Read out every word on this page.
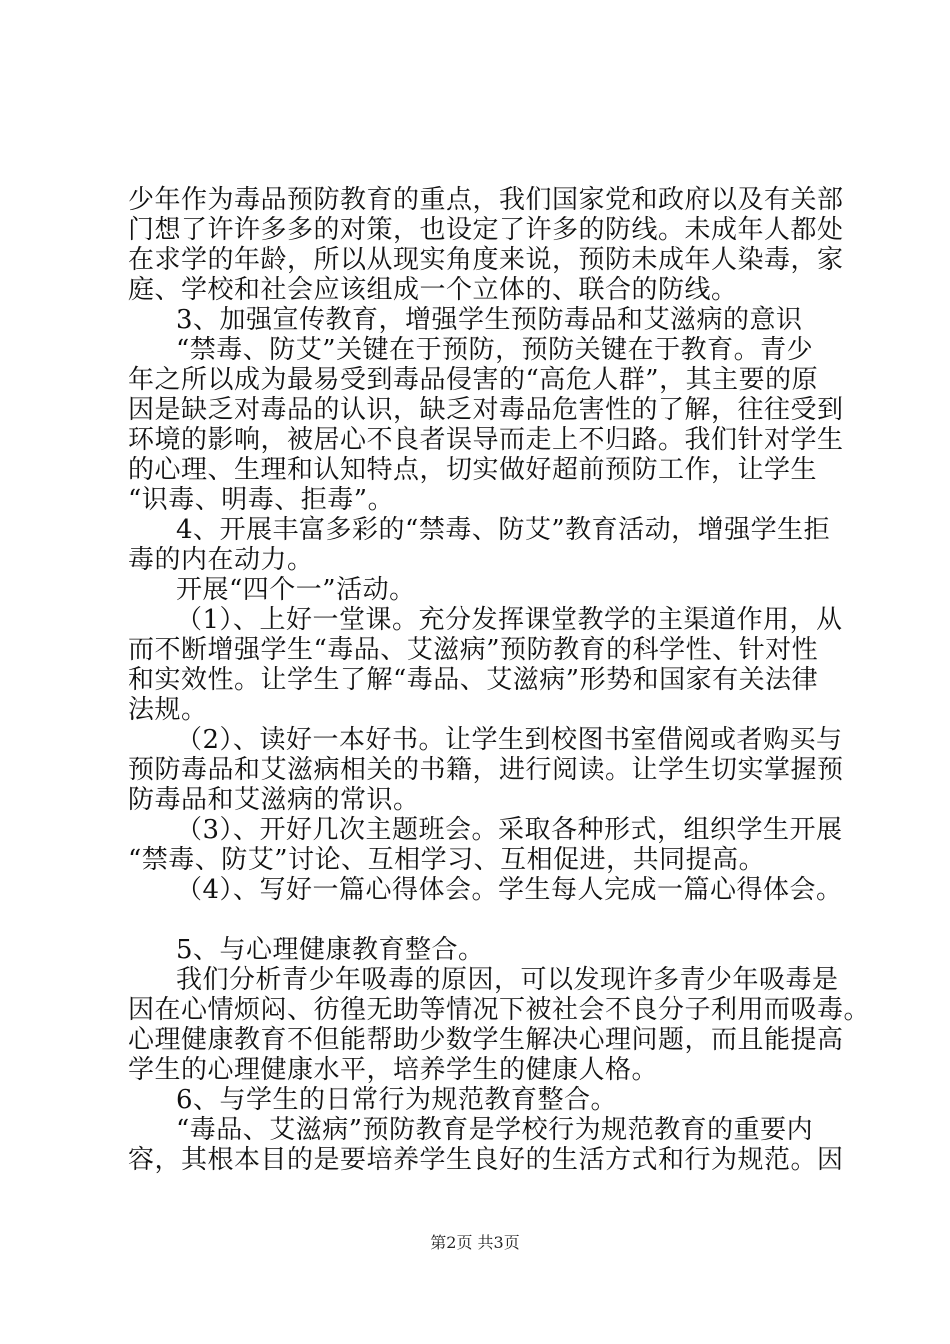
少年作为毒品预防教育的重点，我们国家党和政府以及有关部
门想了许许多多的对策，也设定了许多的防线。未成年人都处
在求学的年龄，所以从现实角度来说，预防未成年人染毒，家
庭、学校和社会应该组成一个立体的、联合的防线。
3、加强宣传教育，增强学生预防毒品和艾滋病的意识
“禁毒、防艾”关键在于预防，预防关键在于教育。青少
年之所以成为最易受到毒品侵害的“高危人群”，其主要的原
因是缺乏对毒品的认识，缺乏对毒品危害性的了解，往往受到
环境的影响，被居心不良者误导而走上不归路。我们针对学生
的心理、生理和认知特点，切实做好超前预防工作，让学生
“识毒、明毒、拒毒”。
4、开展丰富多彩的“禁毒、防艾”教育活动，增强学生拒
毒的内在动力。
开展“四个一”活动。
（1）、上好一堂课。充分发挥课堂教学的主渠道作用，从
而不断增强学生“毒品、艾滋病”预防教育的科学性、针对性
和实效性。让学生了解“毒品、艾滋病”形势和国家有关法律
法规。
（2）、读好一本好书。让学生到校图书室借阅或者购买与
预防毒品和艾滋病相关的书籍，进行阅读。让学生切实掌握预
防毒品和艾滋病的常识。
（3）、开好几次主题班会。采取各种形式，组织学生开展
“禁毒、防艾”讨论、互相学习、互相促进，共同提高。
（4）、写好一篇心得体会。学生每人完成一篇心得体会。
5、与心理健康教育整合。
我们分析青少年吸毒的原因，可以发现许多青少年吸毒是
因在心情烦闷、彷徨无助等情况下被社会不良分子利用而吸毒。
心理健康教育不但能帮助少数学生解决心理问题，而且能提高
学生的心理健康水平，培养学生的健康人格。
6、与学生的日常行为规范教育整合。
“毒品、艾滋病”预防教育是学校行为规范教育的重要内
容，其根本目的是要培养学生良好的生活方式和行为规范。因
第2页 共3页
